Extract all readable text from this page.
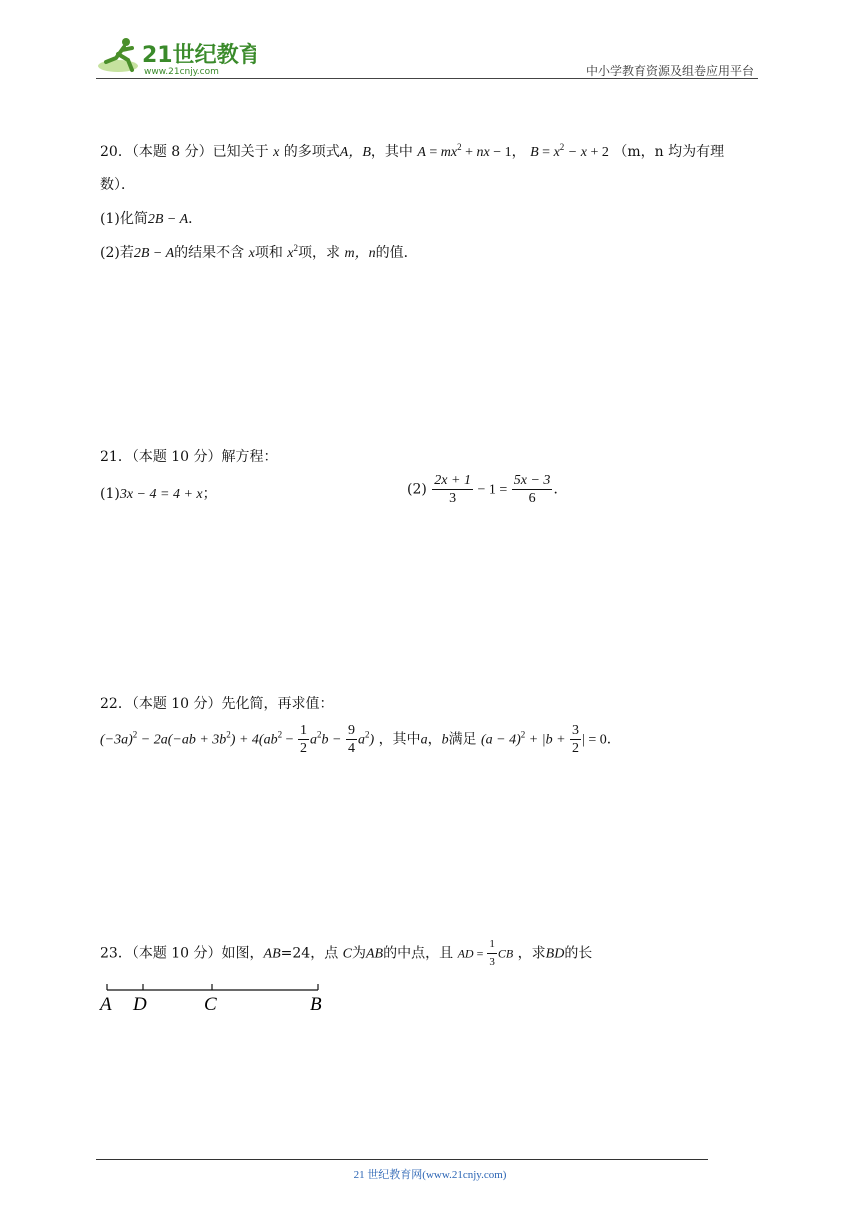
21世纪教育
www.21cnjy.com	中小学教育资源及组卷应用平台
20．（本题 8 分）已知关于 x 的多项式A，B，其中 $A = mx^2$ + nx − 1， $B = x^2 - x + 2$ （m，n 均为有理
数）．
(1)化简2B − A．
(2)若2B − A的结果不含 x项和 $x^2$项，求 m，n的值．
21．（本题 10 分）解方程：
(1)3x − 4 = 4 + x；	$(2) \frac{2x + 1}{3} - 1 = \frac{5x - 3}{6}$ ．
22．（本题 10 分）先化简，再求值：
$(-3a)^2 - 2a(-ab + 3b^2) + 4(ab^2 - \frac{1}{2} a^2b - \frac{9}{4} a^2)$ ，其中a，b满足 $(a - 4)^2 + |b + \frac{3}{2}$ | = 0．
23．（本题 10 分）如图，AB=24，点 C为AB的中点，且 AD = $\frac{1}{3}$ CB ，求BD的长
A D	C	B
21 世纪教育网(www.21cnjy.com)
